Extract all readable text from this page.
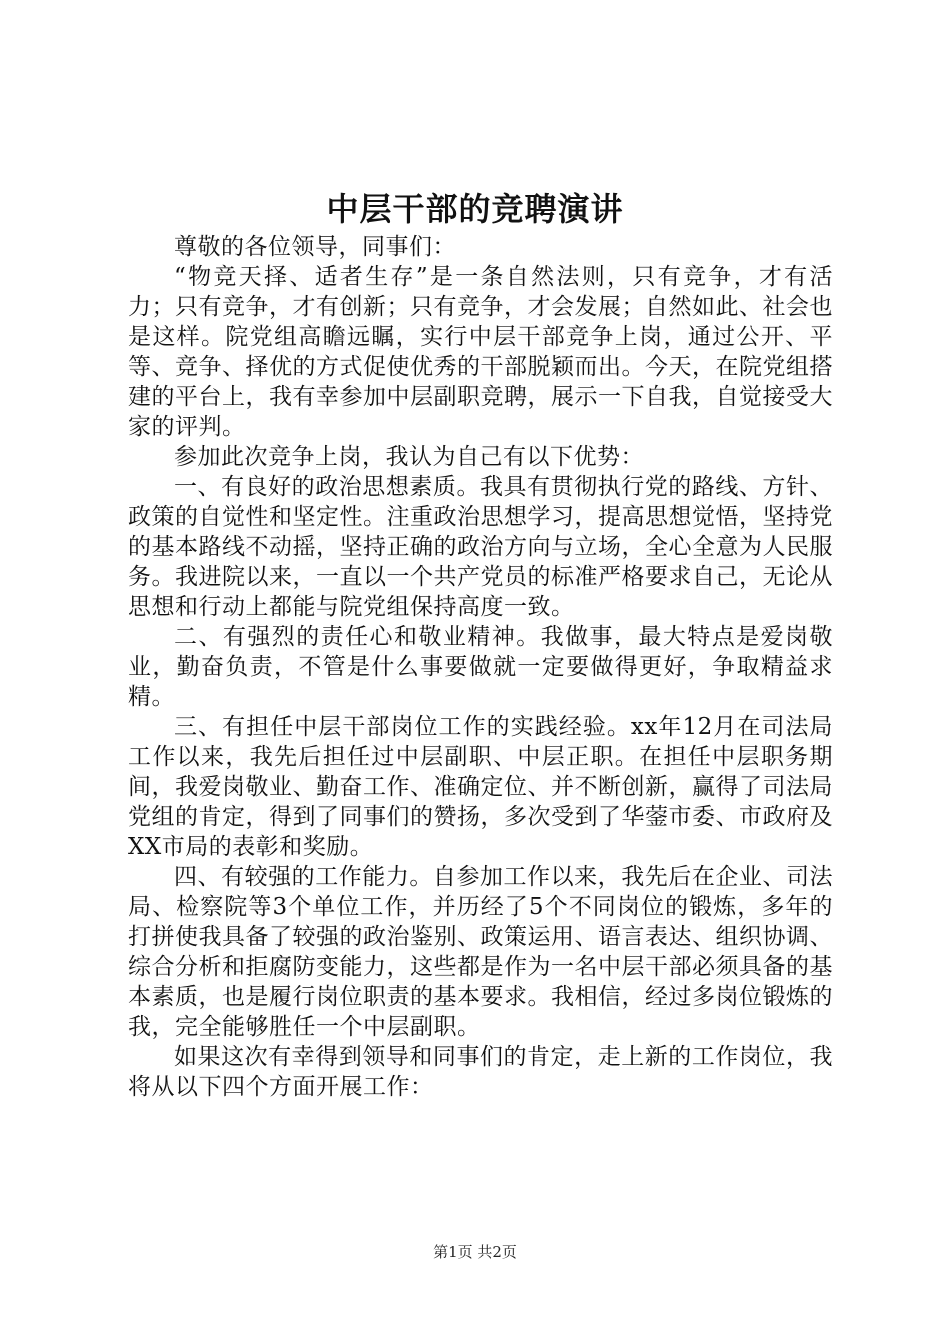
中层干部的竞聘演讲

尊敬的各位领导，同事们：

“物竞天择、适者生存”是一条自然法则，只有竞争，才有活力；只有竞争，才有创新；只有竞争，才会发展；自然如此、社会也是这样。院党组高瞻远瞩，实行中层干部竞争上岗，通过公开、平等、竞争、择优的方式促使优秀的干部脱颖而出。今天，在院党组搭建的平台上，我有幸参加中层副职竞聘，展示一下自我，自觉接受大家的评判。

参加此次竞争上岗，我认为自己有以下优势：

一、有良好的政治思想素质。我具有贯彻执行党的路线、方针、政策的自觉性和坚定性。注重政治思想学习，提高思想觉悟，坚持党的基本路线不动摇，坚持正确的政治方向与立场，全心全意为人民服务。我进院以来，一直以一个共产党员的标准严格要求自己，无论从思想和行动上都能与院党组保持高度一致。

二、有强烈的责任心和敬业精神。我做事，最大特点是爱岗敬业，勤奋负责，不管是什么事要做就一定要做得更好，争取精益求精。

三、有担任中层干部岗位工作的实践经验。xx年12月在司法局工作以来，我先后担任过中层副职、中层正职。在担任中层职务期间，我爱岗敬业、勤奋工作、准确定位、并不断创新，赢得了司法局党组的肯定，得到了同事们的赞扬，多次受到了华蓥市委、市政府及XX市局的表彰和奖励。

四、有较强的工作能力。自参加工作以来，我先后在企业、司法局、检察院等3个单位工作，并历经了5个不同岗位的锻炼，多年的打拼使我具备了较强的政治鉴别、政策运用、语言表达、组织协调、综合分析和拒腐防变能力，这些都是作为一名中层干部必须具备的基本素质，也是履行岗位职责的基本要求。我相信，经过多岗位锻炼的我，完全能够胜任一个中层副职。

如果这次有幸得到领导和同事们的肯定，走上新的工作岗位，我将从以下四个方面开展工作：

第1页 共2页
